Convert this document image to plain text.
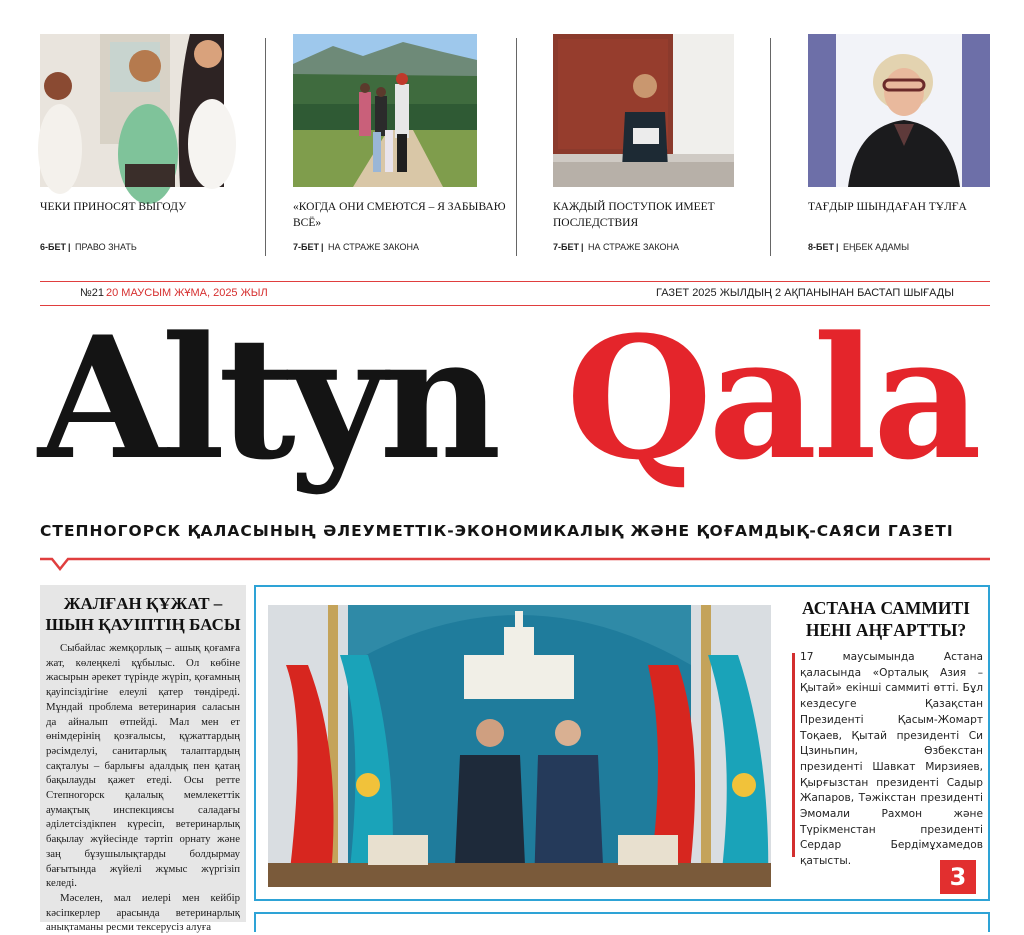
ЧЕКИ ПРИНОСЯТ ВЫГОДУ
6-БЕТ | ПРАВО ЗНАТЬ
«КОГДА ОНИ СМЕЮТСЯ – Я ЗАБЫВАЮ ВСЁ»
7-БЕТ | НА СТРАЖЕ ЗАКОНА
КАЖДЫЙ ПОСТУПОК ИМЕЕТ ПОСЛЕДСТВИЯ
7-БЕТ | НА СТРАЖЕ ЗАКОНА
ТАҒДЫР ШЫНДАҒАН ТҰЛҒА
8-БЕТ | ЕҢБЕК АДАМЫ
№21 20 МАУСЫМ ЖҰМА, 2025 ЖЫЛ	ГАЗЕТ 2025 ЖЫЛДЫҢ 2 АҚПАНЫНАН БАСТАП ШЫҒАДЫ
Altyn Qala
СТЕПНОГОРСК ҚАЛАСЫНЫҢ ӘЛЕУМЕТТІК-ЭКОНОМИКАЛЫҚ ЖӘНЕ ҚОҒАМДЫҚ-САЯСИ ГАЗЕТІ
ЖАЛҒАН ҚҰЖАТ – ШЫН ҚАУІПТІҢ БАСЫ

Сыбайлас жемқорлық – ашық қоғамға жат, көлеңкелі құбылыс. Ол көбіне жасырын әрекет түрінде жүріп, қоғамның қауіпсіздігіне елеулі қатер төндіреді. Мұндай проблема ветеринария саласын да айналып өтпейді. Мал мен ет өнімдерінің қозғалысы, құжаттардың рәсімделуі, санитарлық талаптардың сақталуы – барлығы адалдық пен қатаң бақылауды қажет етеді. Осы ретте Степногорск қалалық мемлекеттік аумақтық инспекциясы саладағы әділетсіздікпен күресіп, ветеринарлық бақылау жүйесінде тәртіп орнату және заң бұзушылықтарды болдырмау бағытында жүйелі жұмыс жүргізіп келеді.

Мәселен, мал иелері мен кейбір кәсіпкерлер арасында ветеринарлық анықтаманы ресми тексерусіз алуға

АСТАНА САММИТІ НЕНІ АҢҒАРТТЫ?
17 маусымында Астана қаласында «Орталық Азия – Қытай» екінші саммиті өтті. Бұл кездесуге Қазақстан Президенті Қасым-Жомарт Тоқаев, Қытай президенті Си Цзиньпин, Өзбекстан президенті Шавкат Мирзияев, Қырғызстан президенті Садыр Жапаров, Тәжікстан президенті Эмомали Рахмон және Түрікменстан президенті Сердар Бердімұхамедов қатысты.
3
